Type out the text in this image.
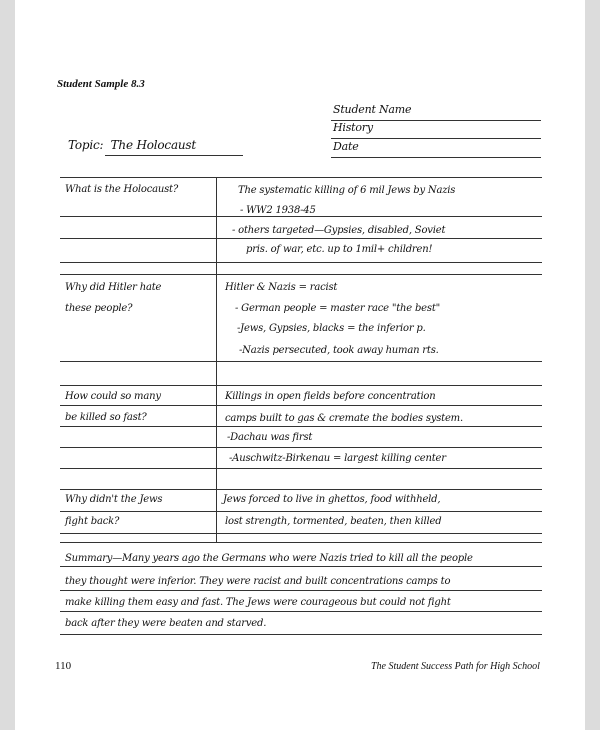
Student Sample 8.3
Student Name
History
Date
Topic: The Holocaust
What is the Holocaust?	The systematic killing of 6 mil Jews by Nazis
- WW2 1938-45
- others targeted—Gypsies, disabled, Soviet
pris. of war, etc. up to 1mil+ children!
Why did Hitler hate
these people?
Hitler & Nazis = racist
- German people = master race "the best"
-Jews, Gypsies, blacks = the inferior p.
-Nazis persecuted, took away human rts.
How could so many
be killed so fast?
Killings in open fields before concentration
camps built to gas & cremate the bodies system.
-Dachau was first
-Auschwitz-Birkenau = largest killing center
Why didn't the Jews
fight back?
Jews forced to live in ghettos, food withheld,
lost strength, tormented, beaten, then killed
Summary—Many years ago the Germans who were Nazis tried to kill all the people
they thought were inferior. They were racist and built concentrations camps to
make killing them easy and fast. The Jews were courageous but could not fight
back after they were beaten and starved.
110	The Student Success Path for High School
